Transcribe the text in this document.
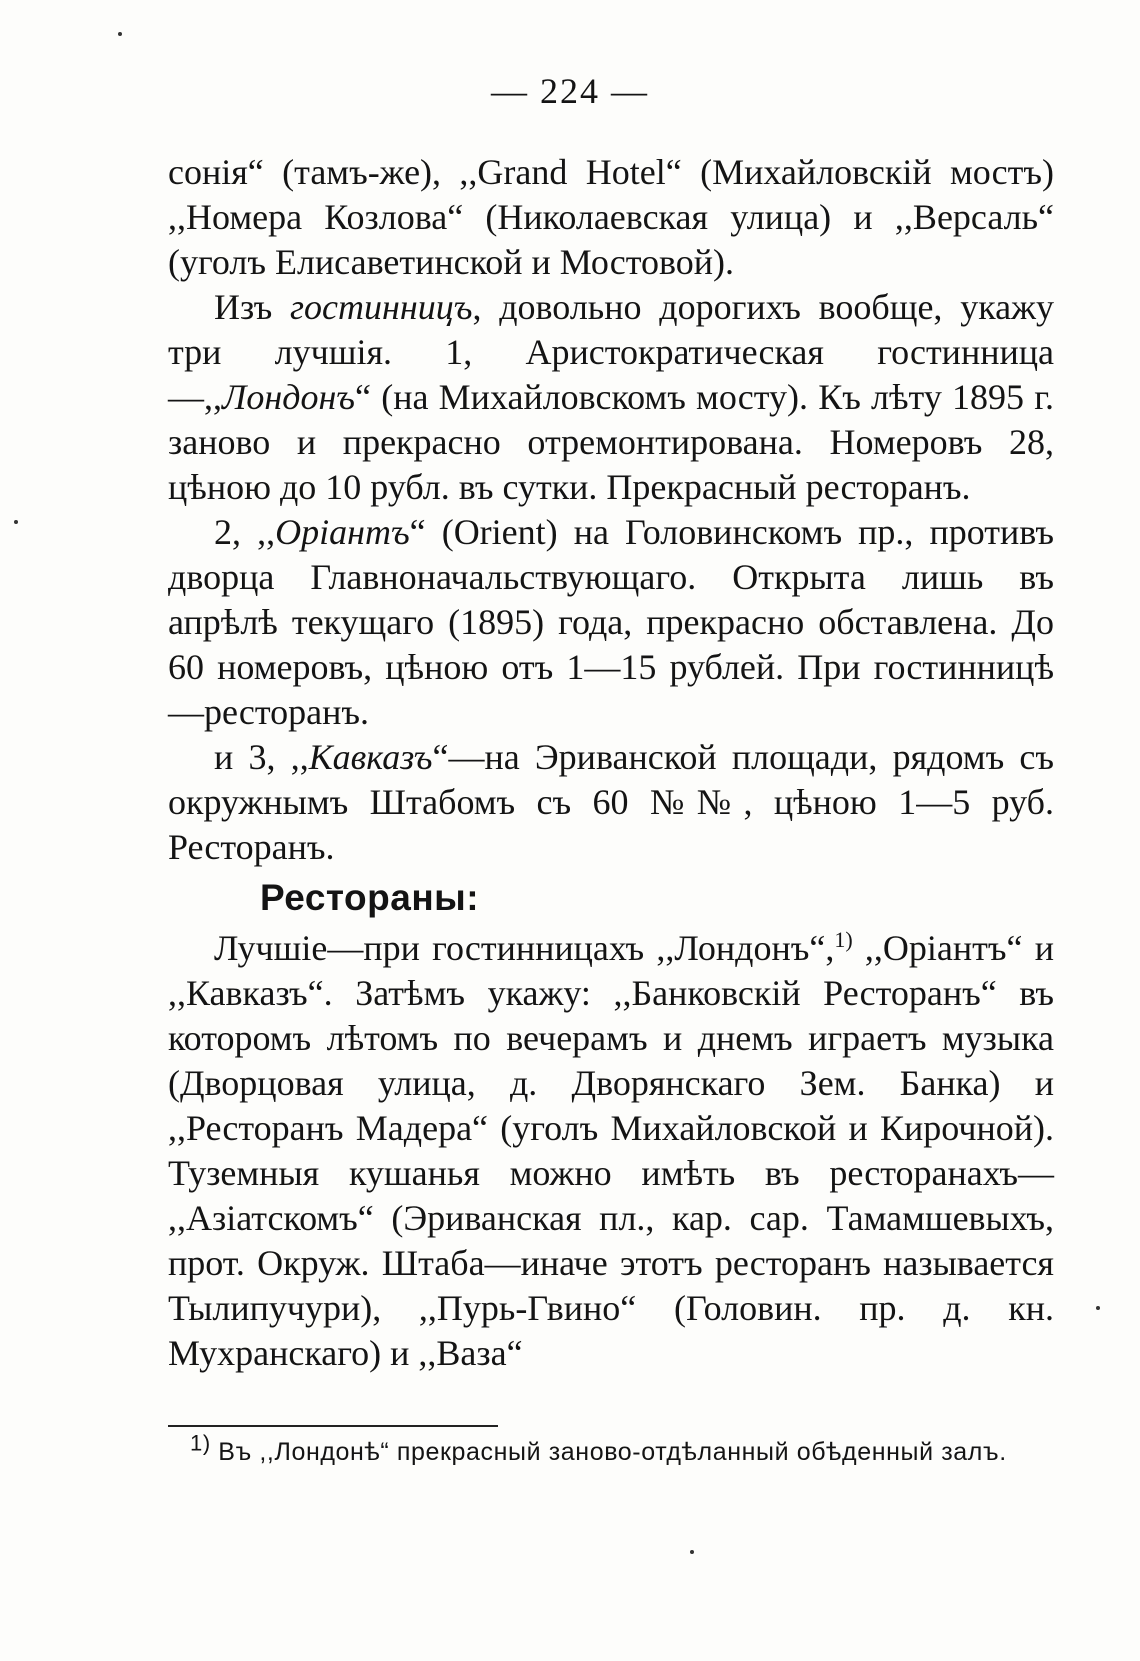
— 224 —

сонія“ (тамъ-же), ,,Grand Hotel“ (Михайловскій мостъ) ,,Номера Козлова“ (Николаевская улица) и ,,Версаль“ (уголъ Елисаветинской и Мостовой).

Изъ гостинницъ, довольно дорогихъ вообще, укажу три лучшія. 1, Аристократическая гостинница—,,Лондонъ“ (на Михайловскомъ мосту). Къ лѣту 1895 г. заново и прекрасно отремонтирована. Номеровъ 28, цѣною до 10 рубл. въ сутки. Прекрасный ресторанъ.

2, ,,Оріантъ“ (Orient) на Головинскомъ пр., противъ дворца Главноначальствующаго. Открыта лишь въ апрѣлѣ текущаго (1895) года, прекрасно обставлена. До 60 номеровъ, цѣною отъ 1—15 рублей. При гостинницѣ—ресторанъ.

и 3, ,,Кавказъ“—на Эриванской площади, рядомъ съ окружнымъ Штабомъ съ 60 №№, цѣною 1—5 руб. Ресторанъ.

Рестораны:

Лучшіе—при гостинницахъ ,,Лондонъ“,$^{1)}$ ,,Оріантъ“ и ,,Кавказъ“. Затѣмъ укажу: ,,Банковскій Ресторанъ“ въ которомъ лѣтомъ по вечерамъ и днемъ играетъ музыка (Дворцовая улица, д. Дворянскаго Зем. Банка) и ,,Ресторанъ Мадера“ (уголъ Михайловской и Кирочной). Туземныя кушанья можно имѣть въ ресторанахъ— ,,Азіатскомъ“ (Эриванская пл., кар. сар. Тамамшевыхъ, прот. Окруж. Штаба—иначе этотъ ресторанъ называется Тылипучури), ,,Пурь-Гвино“ (Головин. пр. д. кн. Мухранскаго) и ,,Ваза“

$^{1)}$ Въ ,,Лондонѣ“ прекрасный заново-отдѣланный обѣденный залъ.
